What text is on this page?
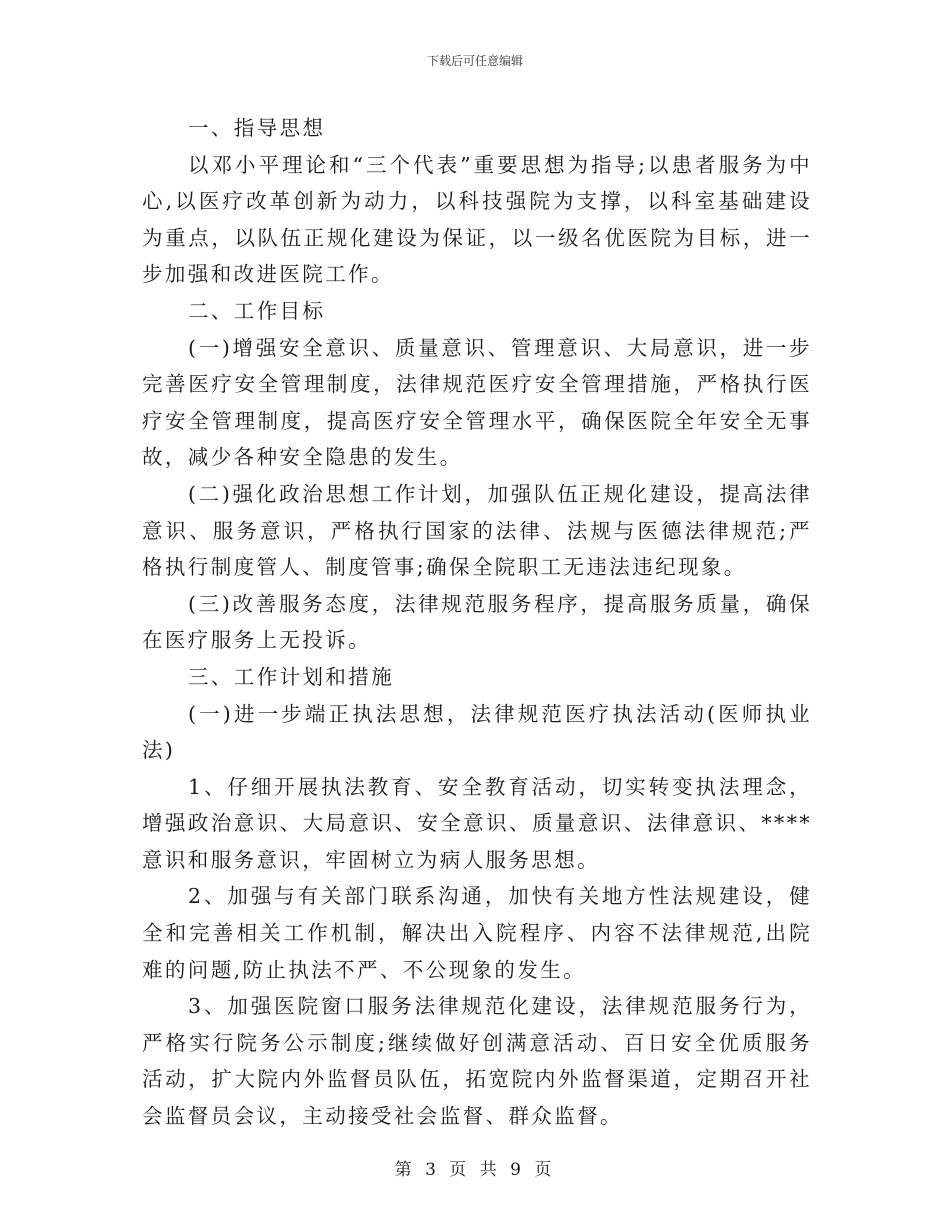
下载后可任意编辑

一、指导思想

以邓小平理论和“三个代表”重要思想为指导;以患者服务为中心,以医疗改革创新为动力，以科技强院为支撑，以科室基础建设为重点，以队伍正规化建设为保证，以一级名优医院为目标，进一步加强和改进医院工作。

二、工作目标

(一)增强安全意识、质量意识、管理意识、大局意识，进一步完善医疗安全管理制度，法律规范医疗安全管理措施，严格执行医疗安全管理制度，提高医疗安全管理水平，确保医院全年安全无事故，减少各种安全隐患的发生。

(二)强化政治思想工作计划，加强队伍正规化建设，提高法律意识、服务意识，严格执行国家的法律、法规与医德法律规范;严格执行制度管人、制度管事;确保全院职工无违法违纪现象。

(三)改善服务态度，法律规范服务程序，提高服务质量，确保在医疗服务上无投诉。

三、工作计划和措施

(一)进一步端正执法思想，法律规范医疗执法活动(医师执业法)

1、仔细开展执法教育、安全教育活动，切实转变执法理念，增强政治意识、大局意识、安全意识、质量意识、法律意识、****意识和服务意识，牢固树立为病人服务思想。

2、加强与有关部门联系沟通，加快有关地方性法规建设，健全和完善相关工作机制，解决出入院程序、内容不法律规范,出院难的问题,防止执法不严、不公现象的发生。

3、加强医院窗口服务法律规范化建设，法律规范服务行为，严格实行院务公示制度;继续做好创满意活动、百日安全优质服务活动，扩大院内外监督员队伍，拓宽院内外监督渠道，定期召开社会监督员会议，主动接受社会监督、群众监督。

第 3 页 共 9 页
